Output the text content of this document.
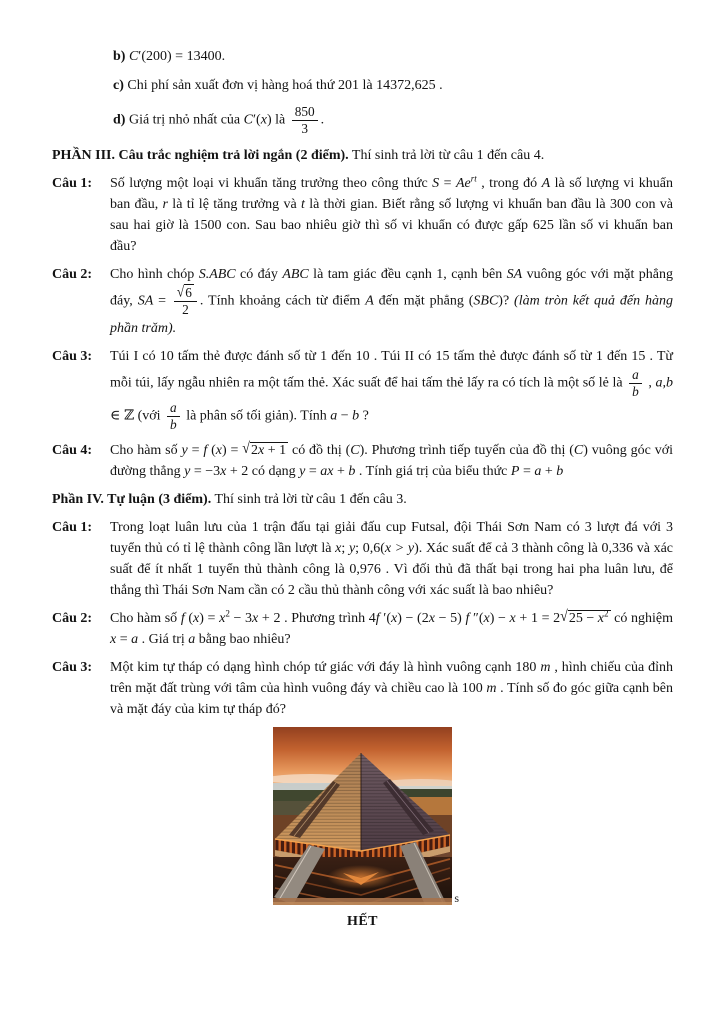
b) C′(200) = 13400.

c) Chi phí sản xuất đơn vị hàng hoá thứ 201 là 14372,625 .

d) Giá trị nhỏ nhất của C′(x) là $\frac{850}{3}$ .

PHẦN III. Câu trắc nghiệm trả lời ngắn (2 điểm). Thí sinh trả lời từ câu 1 đến câu 4.

Câu 1:	Số lượng một loại vi khuẩn tăng trưởng theo công thức $S = Ae^{rt}$ , trong đó A là số lượng vi khuẩn ban đầu, r là tỉ lệ tăng trưởng và t là thời gian. Biết rằng số lượng vi khuẩn ban đầu là 300 con và sau hai giờ là 1500 con. Sau bao nhiêu giờ thì số vi khuẩn có được gấp 625 lần số vi khuẩn ban đầu?
Câu 2:	Cho hình chóp S.ABC có đáy ABC là tam giác đều cạnh 1, cạnh bên SA vuông góc với mặt phẳng đáy, SA = $\frac{√6}{2}$ . Tính khoảng cách từ điểm A đến mặt phẳng (SBC)? (làm tròn kết quả đến hàng phần trăm).
Câu 3:	Túi I có 10 tấm thẻ được đánh số từ 1 đến 10 . Túi II có 15 tấm thẻ được đánh số từ 1 đến 15 . Từ mỗi túi, lấy ngẫu nhiên ra một tấm thẻ. Xác suất để hai tấm thẻ lấy ra có tích là một số lẻ là $\frac{a}{b}$ , a,b ∈ ℤ (với $\frac{a}{b}$ là phân số tối giản). Tính a − b ?
Câu 4:	Cho hàm số y = f (x) = √2x + 1 có đồ thị (C). Phương trình tiếp tuyến của đồ thị (C) vuông góc với đường thẳng y = −3x + 2 có dạng y = ax + b . Tính giá trị của biểu thức P = a + b

Phần IV. Tự luận (3 điểm). Thí sinh trả lời từ câu 1 đến câu 3.

Câu 1:	Trong loạt luân lưu của 1 trận đấu tại giải đấu cup Futsal, đội Thái Sơn Nam có 3 lượt đá với 3 tuyển thủ có tỉ lệ thành công lần lượt là x; y; 0,6(x > y). Xác suất để cả 3 thành công là 0,336 và xác suất để ít nhất 1 tuyển thủ thành công là 0,976 . Vì đối thủ đã thất bại trong hai pha luân lưu, để thắng thì Thái Sơn Nam cần có 2 cầu thủ thành công với xác suất là bao nhiêu?
Câu 2:	Cho hàm số f $(x) = x^2 - 3x + 2$ . Phương trình 4f ′(x) − (2x − 5) f $''(x) - x + 1 = 2√25 - x^2$ có nghiệm x = a . Giá trị a bằng bao nhiêu?
Câu 3:	Một kim tự tháp có dạng hình chóp tứ giác với đáy là hình vuông cạnh 180 m , hình chiếu của đỉnh trên mặt đất trùng với tâm của hình vuông đáy và chiều cao là 100 m . Tính số đo góc giữa cạnh bên và mặt đáy của kim tự tháp đó?
s

HẾT
